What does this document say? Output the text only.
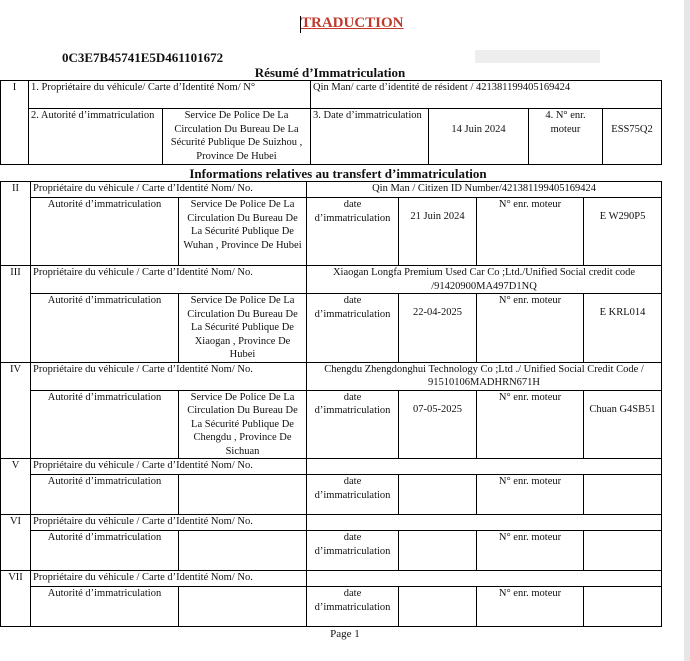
TRADUCTION
0C3E7B45741E5D461101672
Résumé d’Immatriculation
I	1. Propriétaire du véhicule/ Carte d’Identité Nom/ N°		Qin Man/ carte d’identité de résident / 421381199405169424			
	2. Autorité d’immatriculation	Service De Police De La Circulation Du Bureau De La Sécurité Publique De Suizhou , Province De Hubei	3. Date d’immatriculation	14 Juin 2024	4. N° enr. moteur	ESS75Q2
Informations relatives au transfert d’immatriculation
II	Propriétaire du véhicule / Carte d’Identité Nom/ No.		Qin Man / Citizen ID Number/421381199405169424			
	Autorité d’immatriculation	Service De Police De La Circulation Du Bureau De La Sécurité Publique De Wuhan , Province De Hubei	date d’immatriculation	21 Juin 2024	N° enr. moteur	E W290P5
III	Propriétaire du véhicule / Carte d’Identité Nom/ No.		Xiaogan Longfa Premium Used Car Co ;Ltd./Unified Social credit code /91420900MA497D1NQ			
	Autorité d’immatriculation	Service De Police De La Circulation Du Bureau De La Sécurité Publique De Xiaogan , Province De Hubei	date d’immatriculation	22-04-2025	N° enr. moteur	E KRL014
IV	Propriétaire du véhicule / Carte d’Identité Nom/ No.		Chengdu Zhengdonghui Technology Co ;Ltd ./ Unified Social Credit Code / 91510106MADHRN671H			
	Autorité d’immatriculation	Service De Police De La Circulation Du Bureau De La Sécurité Publique De Chengdu , Province De Sichuan	date d’immatriculation	07-05-2025	N° enr. moteur	Chuan G4SB51
V	Propriétaire du véhicule / Carte d’Identité Nom/ No.					
	Autorité d’immatriculation		date d’immatriculation		N° enr. moteur	
VI	Propriétaire du véhicule / Carte d’Identité Nom/ No.					
	Autorité d’immatriculation		date d’immatriculation		N° enr. moteur	
VII	Propriétaire du véhicule / Carte d’Identité Nom/ No.					
	Autorité d’immatriculation		date d’immatriculation		N° enr. moteur	
Page 1
